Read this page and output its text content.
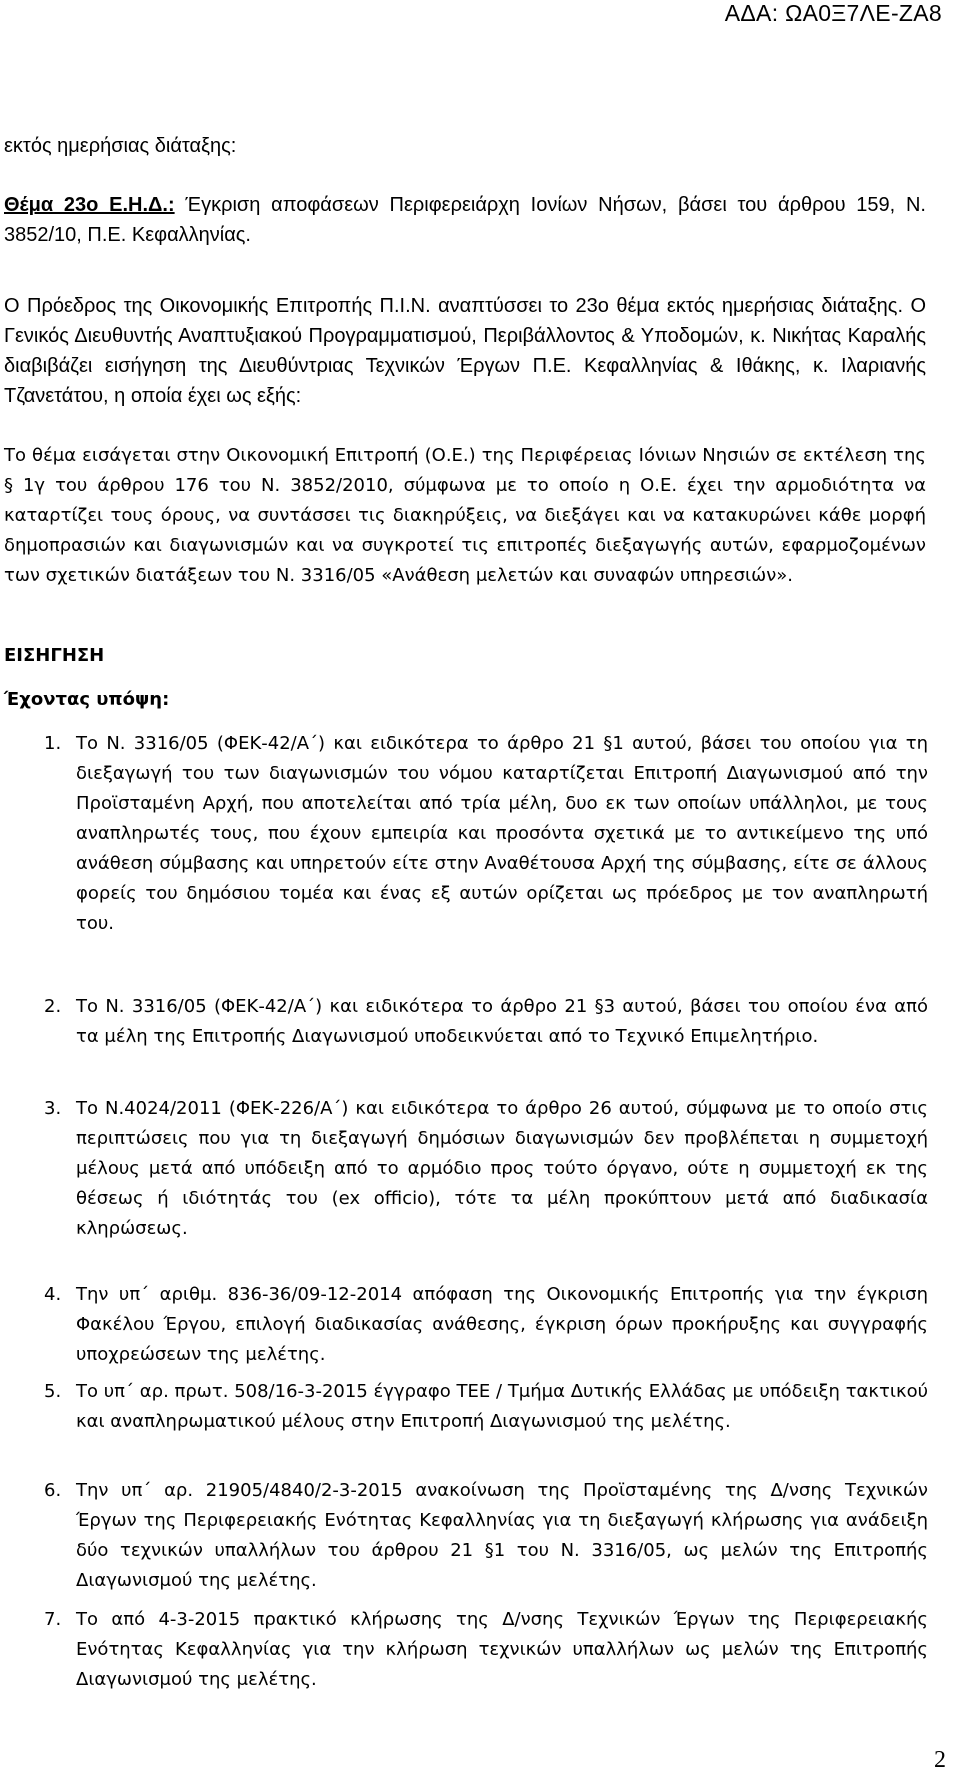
ΑΔΑ: ΩΑ0Ξ7ΛΕ-ΖΑ8
εκτός ημερήσιας διάταξης:
Θέμα 23ο Ε.Η.Δ.: Έγκριση αποφάσεων Περιφερειάρχη Ιονίων Νήσων, βάσει του άρθρου 159, Ν. 3852/10, Π.Ε. Κεφαλληνίας.
Ο Πρόεδρος της Οικονομικής Επιτροπής Π.Ι.Ν. αναπτύσσει το 23ο θέμα εκτός ημερήσιας διάταξης. Ο Γενικός Διευθυντής Αναπτυξιακού Προγραμματισμού, Περιβάλλοντος & Υποδομών, κ. Νικήτας Καραλής διαβιβάζει εισήγηση της Διευθύντριας Τεχνικών Έργων Π.Ε. Κεφαλληνίας & Ιθάκης, κ. Ιλαριανής Τζανετάτου, η οποία έχει ως εξής:
Το θέμα εισάγεται στην Οικονομική Επιτροπή (Ο.Ε.) της Περιφέρειας Ιόνιων Νησιών σε εκτέλεση της § 1γ του άρθρου 176 του Ν. 3852/2010, σύμφωνα με το οποίο η Ο.Ε. έχει την αρμοδιότητα να καταρτίζει τους όρους, να συντάσσει τις διακηρύξεις, να διεξάγει και να κατακυρώνει κάθε μορφή δημοπρασιών και διαγωνισμών και να συγκροτεί τις επιτροπές διεξαγωγής αυτών, εφαρμοζομένων των σχετικών διατάξεων του Ν. 3316/05 «Ανάθεση μελετών και συναφών υπηρεσιών».
ΕΙΣΗΓΗΣΗ
Έχοντας υπόψη:
1. Το Ν. 3316/05 (ΦΕΚ-42/Α΄) και ειδικότερα το άρθρο 21 §1 αυτού, βάσει του οποίου για τη διεξαγωγή του των διαγωνισμών του νόμου καταρτίζεται Επιτροπή Διαγωνισμού από την Προϊσταμένη Αρχή, που αποτελείται από τρία μέλη, δυο εκ των οποίων υπάλληλοι, με τους αναπληρωτές τους, που έχουν εμπειρία και προσόντα σχετικά με το αντικείμενο της υπό ανάθεση σύμβασης και υπηρετούν είτε στην Αναθέτουσα Αρχή της σύμβασης, είτε σε άλλους φορείς του δημόσιου τομέα και ένας εξ αυτών ορίζεται ως πρόεδρος με τον αναπληρωτή του.
2. Το Ν. 3316/05 (ΦΕΚ-42/Α΄) και ειδικότερα το άρθρο 21 §3 αυτού, βάσει του οποίου ένα από τα μέλη της Επιτροπής Διαγωνισμού υποδεικνύεται από το Τεχνικό Επιμελητήριο.
3. Το Ν.4024/2011 (ΦΕΚ-226/Α΄) και ειδικότερα το άρθρο 26 αυτού, σύμφωνα με το οποίο στις περιπτώσεις που για τη διεξαγωγή δημόσιων διαγωνισμών δεν προβλέπεται η συμμετοχή μέλους μετά από υπόδειξη από το αρμόδιο προς τούτο όργανο, ούτε η συμμετοχή εκ της θέσεως ή ιδιότητάς του (ex officio), τότε τα μέλη προκύπτουν μετά από διαδικασία κληρώσεως.
4. Την υπ΄ αριθμ. 836-36/09-12-2014 απόφαση της Οικονομικής Επιτροπής για την έγκριση Φακέλου Έργου, επιλογή διαδικασίας ανάθεσης, έγκριση όρων προκήρυξης και συγγραφής υποχρεώσεων της μελέτης.
5. Το υπ΄ αρ. πρωτ. 508/16-3-2015 έγγραφο ΤΕΕ / Τμήμα Δυτικής Ελλάδας με υπόδειξη τακτικού και αναπληρωματικού μέλους στην Επιτροπή Διαγωνισμού της μελέτης.
6. Την υπ΄ αρ. 21905/4840/2-3-2015 ανακοίνωση της Προϊσταμένης της Δ/νσης Τεχνικών Έργων της Περιφερειακής Ενότητας Κεφαλληνίας για τη διεξαγωγή κλήρωσης για ανάδειξη δύο τεχνικών υπαλλήλων του άρθρου 21 §1 του Ν. 3316/05, ως μελών της Επιτροπής Διαγωνισμού της μελέτης.
7. Το από 4-3-2015 πρακτικό κλήρωσης της Δ/νσης Τεχνικών Έργων της Περιφερειακής Ενότητας Κεφαλληνίας για την κλήρωση τεχνικών υπαλλήλων ως μελών της Επιτροπής Διαγωνισμού της μελέτης.
2
